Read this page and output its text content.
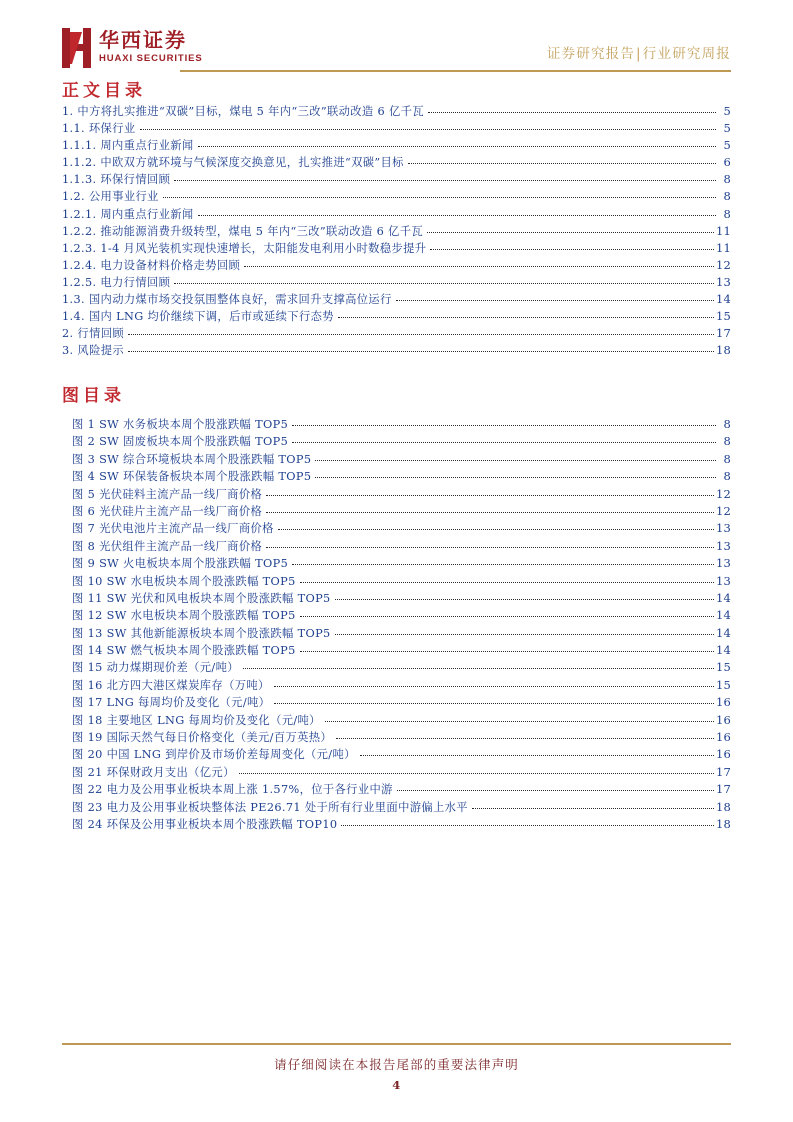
华西证券
HUAXI SECURITIES	证券研究报告|行业研究周报
正文目录
1. 中方将扎实推进“双碳”目标，煤电 5 年内“三改”联动改造 6 亿千瓦	5
1.1. 环保行业	5
1.1.1. 周内重点行业新闻	5
1.1.2. 中欧双方就环境与气候深度交换意见，扎实推进“双碳”目标	6
1.1.3. 环保行情回顾	8
1.2. 公用事业行业	8
1.2.1. 周内重点行业新闻	8
1.2.2. 推动能源消费升级转型，煤电 5 年内“三改”联动改造 6 亿千瓦	11
1.2.3. 1-4 月风光装机实现快速增长，太阳能发电利用小时数稳步提升	11
1.2.4. 电力设备材料价格走势回顾	12
1.2.5. 电力行情回顾	13
1.3. 国内动力煤市场交投氛围整体良好，需求回升支撑高位运行	14
1.4. 国内 LNG 均价继续下调，后市或延续下行态势	15
2. 行情回顾	17
3. 风险提示	18
图目录
图 1 SW 水务板块本周个股涨跌幅 TOP5	8
图 2 SW 固废板块本周个股涨跌幅 TOP5	8
图 3 SW 综合环境板块本周个股涨跌幅 TOP5	8
图 4 SW 环保装备板块本周个股涨跌幅 TOP5	8
图 5 光伏硅料主流产品一线厂商价格	12
图 6 光伏硅片主流产品一线厂商价格	12
图 7 光伏电池片主流产品一线厂商价格	13
图 8 光伏组件主流产品一线厂商价格	13
图 9 SW 火电板块本周个股涨跌幅 TOP5	13
图 10 SW 水电板块本周个股涨跌幅 TOP5	13
图 11 SW 光伏和风电板块本周个股涨跌幅 TOP5	14
图 12 SW 水电板块本周个股涨跌幅 TOP5	14
图 13 SW 其他新能源板块本周个股涨跌幅 TOP5	14
图 14 SW 燃气板块本周个股涨跌幅 TOP5	14
图 15 动力煤期现价差（元/吨）	15
图 16 北方四大港区煤炭库存（万吨）	15
图 17 LNG 每周均价及变化（元/吨）	16
图 18 主要地区 LNG 每周均价及变化（元/吨）	16
图 19 国际天然气每日价格变化（美元/百万英热）	16
图 20 中国 LNG 到岸价及市场价差每周变化（元/吨）	16
图 21 环保财政月支出（亿元）	17
图 22 电力及公用事业板块本周上涨 1.57%，位于各行业中游	17
图 23 电力及公用事业板块整体法 PE26.71 处于所有行业里面中游偏上水平	18
图 24 环保及公用事业板块本周个股涨跌幅 TOP10	18
请仔细阅读在本报告尾部的重要法律声明
4
